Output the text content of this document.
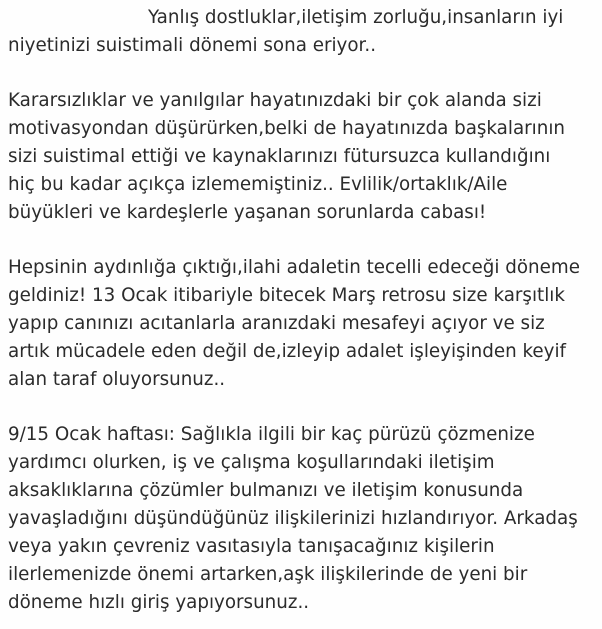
Yanlış dostluklar,iletişim zorluğu,insanların iyi
niyetinizi suistimali dönemi sona eriyor..
Kararsızlıklar ve yanılgılar hayatınızdaki bir çok alanda sizi
motivasyondan düşürürken,belki de hayatınızda başkalarının
sizi suistimal ettiği ve kaynaklarınızı fütursuzca kullandığını
hiç bu kadar açıkça izlememiştiniz.. Evlilik/ortaklık/Aile
büyükleri ve kardeşlerle yaşanan sorunlarda cabası!
Hepsinin aydınlığa çıktığı,ilahi adaletin tecelli edeceği döneme
geldiniz! 13 Ocak itibariyle bitecek Marş retrosu size karşıtlık
yapıp canınızı acıtanlarla aranızdaki mesafeyi açıyor ve siz
artık mücadele eden değil de,izleyip adalet işleyişinden keyif
alan taraf oluyorsunuz..
9/15 Ocak haftası: Sağlıkla ilgili bir kaç pürüzü çözmenize
yardımcı olurken, iş ve çalışma koşullarındaki iletişim
aksaklıklarına çözümler bulmanızı ve iletişim konusunda
yavaşladığını düşündüğünüz ilişkilerinizi hızlandırıyor. Arkadaş
veya yakın çevreniz vasıtasıyla tanışacağınız kişilerin
ilerlemenizde önemi artarken,aşk ilişkilerinde de yeni bir
döneme hızlı giriş yapıyorsunuz..
